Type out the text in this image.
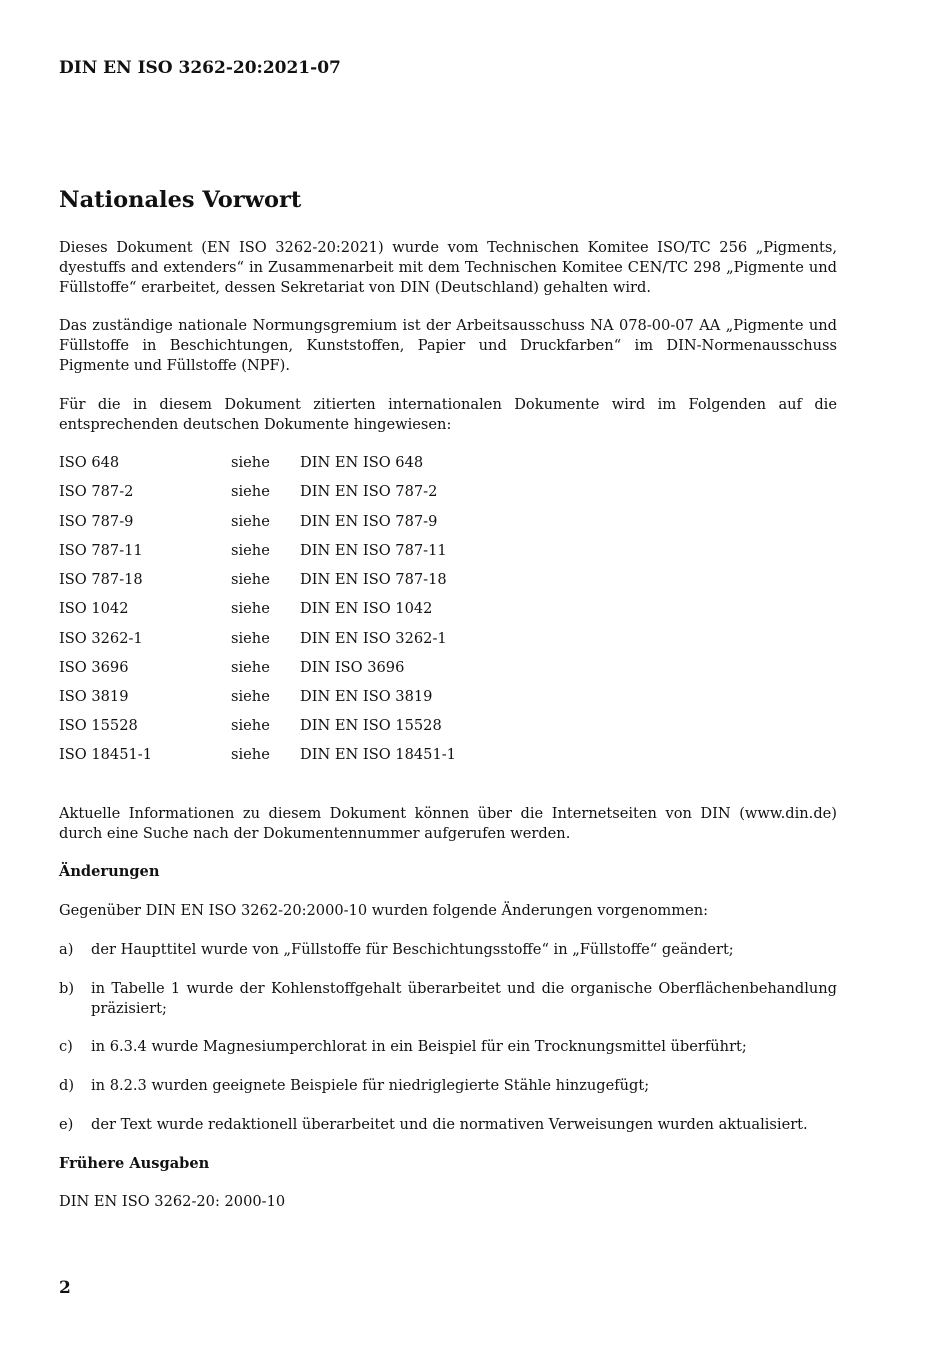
DIN EN ISO 3262-20:2021-07
Nationales Vorwort

Dieses Dokument (EN ISO 3262-20:2021) wurde vom Technischen Komitee ISO/TC 256 „Pigments, dyestuffs and extenders“ in Zusammenarbeit mit dem Technischen Komitee CEN/TC 298 „Pigmente und Füllstoffe“ erarbeitet, dessen Sekretariat von DIN (Deutschland) gehalten wird.

Das zuständige nationale Normungsgremium ist der Arbeitsausschuss NA 078-00-07 AA „Pigmente und Füllstoffe in Beschichtungen, Kunststoffen, Papier und Druckfarben“ im DIN-Normenausschuss Pigmente und Füllstoffe (NPF).

Für die in diesem Dokument zitierten internationalen Dokumente wird im Folgenden auf die entsprechenden deutschen Dokumente hingewiesen:

ISO 648	siehe DIN EN ISO 648
ISO 787-2	siehe DIN EN ISO 787-2
ISO 787-9	siehe DIN EN ISO 787-9
ISO 787-11	siehe DIN EN ISO 787-11
ISO 787-18	siehe DIN EN ISO 787-18
ISO 1042	siehe DIN EN ISO 1042
ISO 3262-1	siehe DIN EN ISO 3262-1
ISO 3696	siehe DIN ISO 3696
ISO 3819	siehe DIN EN ISO 3819
ISO 15528	siehe DIN EN ISO 15528
ISO 18451-1	siehe DIN EN ISO 18451-1

Aktuelle Informationen zu diesem Dokument können über die Internetseiten von DIN (www.din.de) durch eine Suche nach der Dokumentennummer aufgerufen werden.

Änderungen

Gegenüber DIN EN ISO 3262-20:2000-10 wurden folgende Änderungen vorgenommen:

a) der Haupttitel wurde von „Füllstoffe für Beschichtungsstoffe“ in „Füllstoffe“ geändert;
b) in Tabelle 1 wurde der Kohlenstoffgehalt überarbeitet und die organische Oberflächenbehandlung präzisiert;
c) in 6.3.4 wurde Magnesiumperchlorat in ein Beispiel für ein Trocknungsmittel überführt;
d) in 8.2.3 wurden geeignete Beispiele für niedriglegierte Stähle hinzugefügt;
e) der Text wurde redaktionell überarbeitet und die normativen Verweisungen wurden aktualisiert.
Frühere Ausgaben

DIN EN ISO 3262-20: 2000-10

2
